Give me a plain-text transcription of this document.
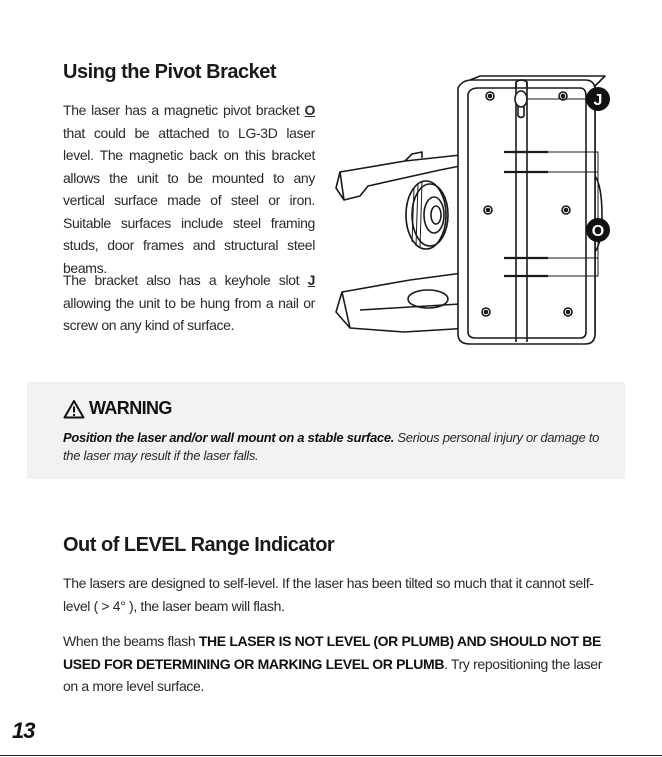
Using the Pivot Bracket

The laser has a magnetic pivot bracket O that could be attached to LG-3D laser level. The magnetic back on this bracket allows the unit to be mounted to any vertical surface made of steel or iron. Suitable surfaces include steel framing studs, door frames and structural steel beams.

The bracket also has a keyhole slot J allowing the unit to be hung from a nail or screw on any kind of surface.

J
O
WARNING

Position the laser and/or wall mount on a stable surface. Serious personal injury or damage to the laser may result if the laser falls.

Out of LEVEL Range Indicator

The lasers are designed to self-level. If the laser has been tilted so much that it cannot self-level ( > 4° ), the laser beam will flash.

When the beams flash THE LASER IS NOT LEVEL (OR PLUMB) AND SHOULD NOT BE USED FOR DETERMINING OR MARKING LEVEL OR PLUMB. Try repositioning the laser on a more level surface.

13
